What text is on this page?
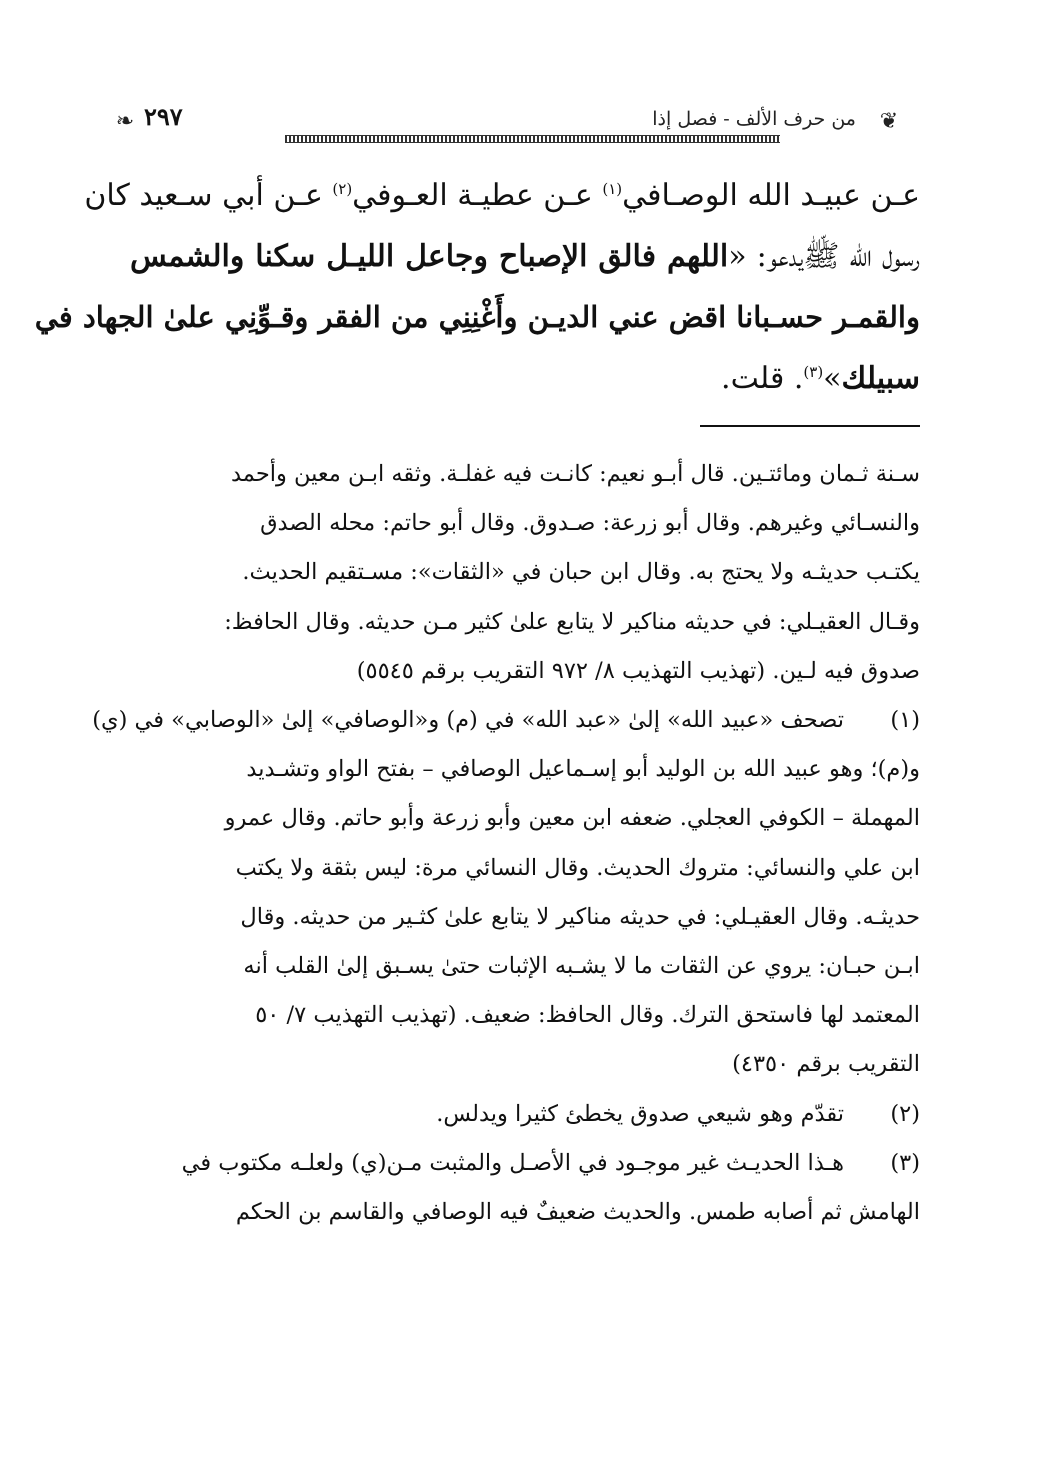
❦
من حرف الألف - فصل إذا
٢٩٧
❧
عـن عبيـد الله الوصـافي$^{(١)}$ عـن عطيـة العـوفي$^{(٢)}$ عـن أبي سـعيد كان
رسول الله ﷺيدعو: «اللهم فالق الإصباح وجاعل الليـل سكنا والشمس
والقمـر حسـبانا اقض عني الديـن وأَغْنِنِي من الفقر وقـوِّنِي علىٰ الجهاد في
سبيلك»$^{(٣)}$. قلت.
سـنة ثـمان ومائتـين. قال أبـو نعيم: كانـت فيه غفلـة. وثقه ابـن معين وأحمد
والنسـائي وغيرهم. وقال أبو زرعة: صـدوق. وقال أبو حاتم: محله الصدق
يكتـب حديثـه ولا يحتج به. وقال ابن حبان في «الثقات»: مسـتقيم الحديث.
وقـال العقيـلي: في حديثه مناكير لا يتابع علىٰ كثير مـن حديثه. وقال الحافظ:
صدوق فيه لـين. (تهذيب التهذيب ٨/ ٩٧٢ التقريب برقم ٥٥٤٥)
(١)
تصحف «عبيد الله» إلىٰ «عبد الله» في (م) و«الوصافي» إلىٰ «الوصابي» في (ي)
و(م)؛ وهو عبيد الله بن الوليد أبو إسـماعيل الوصافي – بفتح الواو وتشـديد
المهملة – الكوفي العجلي. ضعفه ابن معين وأبو زرعة وأبو حاتم. وقال عمرو
ابن علي والنسائي: متروك الحديث. وقال النسائي مرة: ليس بثقة ولا يكتب
حديثـه. وقال العقيـلي: في حديثه مناكير لا يتابع علىٰ كثـير من حديثه. وقال
ابـن حبـان: يروي عن الثقات ما لا يشـبه الإثبات حتىٰ يسـبق إلىٰ القلب أنه
المعتمد لها فاستحق الترك. وقال الحافظ: ضعيف. (تهذيب التهذيب ٧/ ٥٠
التقريب برقم ٤٣٥٠)
(٢)
تقدّم وهو شيعي صدوق يخطئ كثيرا ويدلس.
(٣)
هـذا الحديـث غير موجـود في الأصـل والمثبت مـن(ي) ولعلـه مكتوب في
الهامش ثم أصابه طمس. والحديث ضعيفٌ فيه الوصافي والقاسم بن الحكم
